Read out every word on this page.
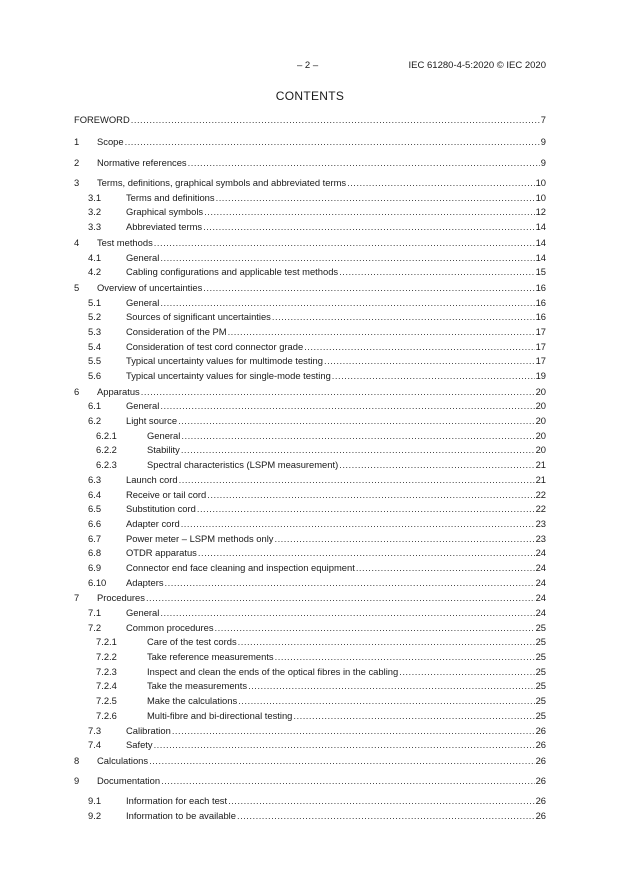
– 2 –	IEC 61280-4-5:2020 © IEC 2020
CONTENTS
FOREWORD .....	7
1	Scope .....	9
2	Normative references .....	9
3	Terms, definitions, graphical symbols and abbreviated terms .....	10
3.1	Terms and definitions .....	10
3.2	Graphical symbols .....	12
3.3	Abbreviated terms .....	14
4	Test methods .....	14
4.1	General .....	14
4.2	Cabling configurations and applicable test methods .....	15
5	Overview of uncertainties .....	16
5.1	General .....	16
5.2	Sources of significant uncertainties .....	16
5.3	Consideration of the PM .....	17
5.4	Consideration of test cord connector grade .....	17
5.5	Typical uncertainty values for multimode testing .....	17
5.6	Typical uncertainty values for single-mode testing .....	19
6	Apparatus .....	20
6.1	General .....	20
6.2	Light source .....	20
6.2.1	General .....	20
6.2.2	Stability .....	20
6.2.3	Spectral characteristics (LSPM measurement) .....	21
6.3	Launch cord .....	21
6.4	Receive or tail cord .....	22
6.5	Substitution cord .....	22
6.6	Adapter cord .....	23
6.7	Power meter – LSPM methods only .....	23
6.8	OTDR apparatus .....	24
6.9	Connector end face cleaning and inspection equipment .....	24
6.10	Adapters .....	24
7	Procedures .....	24
7.1	General .....	24
7.2	Common procedures .....	25
7.2.1	Care of the test cords .....	25
7.2.2	Take reference measurements .....	25
7.2.3	Inspect and clean the ends of the optical fibres in the cabling .....	25
7.2.4	Take the measurements .....	25
7.2.5	Make the calculations .....	25
7.2.6	Multi-fibre and bi-directional testing .....	25
7.3	Calibration .....	26
7.4	Safety .....	26
8	Calculations .....	26
9	Documentation .....	26
9.1	Information for each test .....	26
9.2	Information to be available .....	26
